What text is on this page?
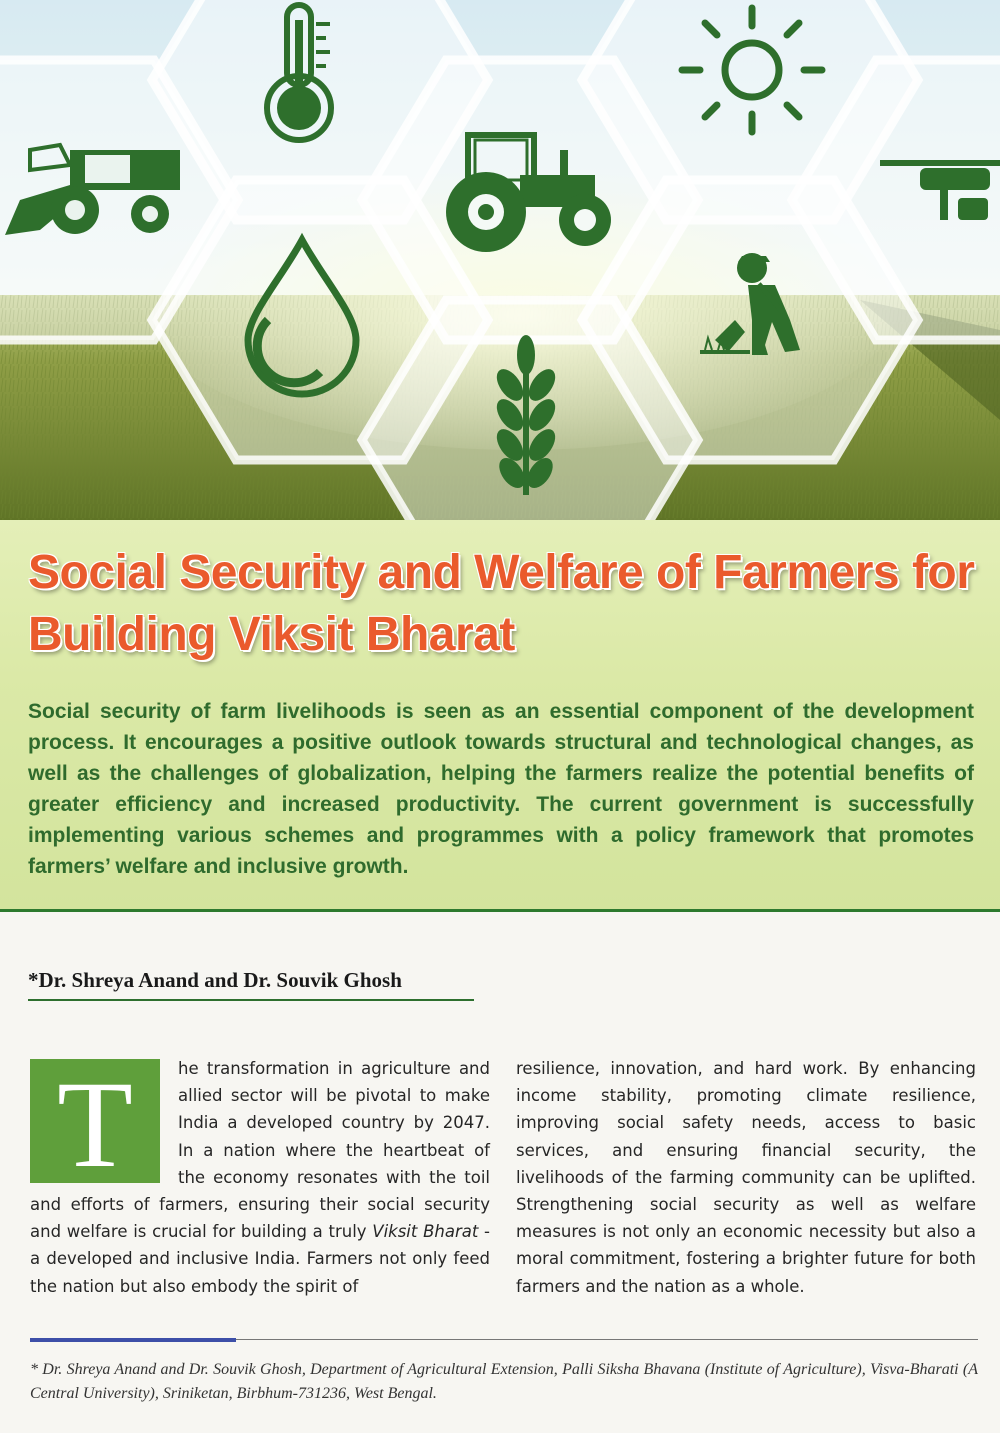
Social Security and Welfare of Farmers for Building Viksit Bharat

Social security of farm livelihoods is seen as an essential component of the development process. It encourages a positive outlook towards structural and technological changes, as well as the challenges of globalization, helping the farmers realize the potential benefits of greater efficiency and increased productivity. The current government is successfully implementing various schemes and programmes with a policy framework that promotes farmers’ welfare and inclusive growth.

*Dr. Shreya Anand and Dr. Souvik Ghosh

T	he transformation in agriculture and allied sector will be pivotal to make India a developed country by 2047. In a nation where the heartbeat of the economy resonates with the toil and efforts of farmers, ensuring their social security and welfare is crucial for building a truly Viksit Bharat - a developed and inclusive India. Farmers not only feed the nation but also embody the spirit of

resilience, innovation, and hard work. By enhancing income stability, promoting climate resilience, improving social safety needs, access to basic services, and ensuring financial security, the livelihoods of the farming community can be uplifted. Strengthening social security as well as welfare measures is not only an economic necessity but also a moral commitment, fostering a brighter future for both farmers and the nation as a whole.

* Dr. Shreya Anand and Dr. Souvik Ghosh, Department of Agricultural Extension, Palli Siksha Bhavana (Institute of Agriculture), Visva-Bharati (A Central University), Sriniketan, Birbhum-731236, West Bengal.
